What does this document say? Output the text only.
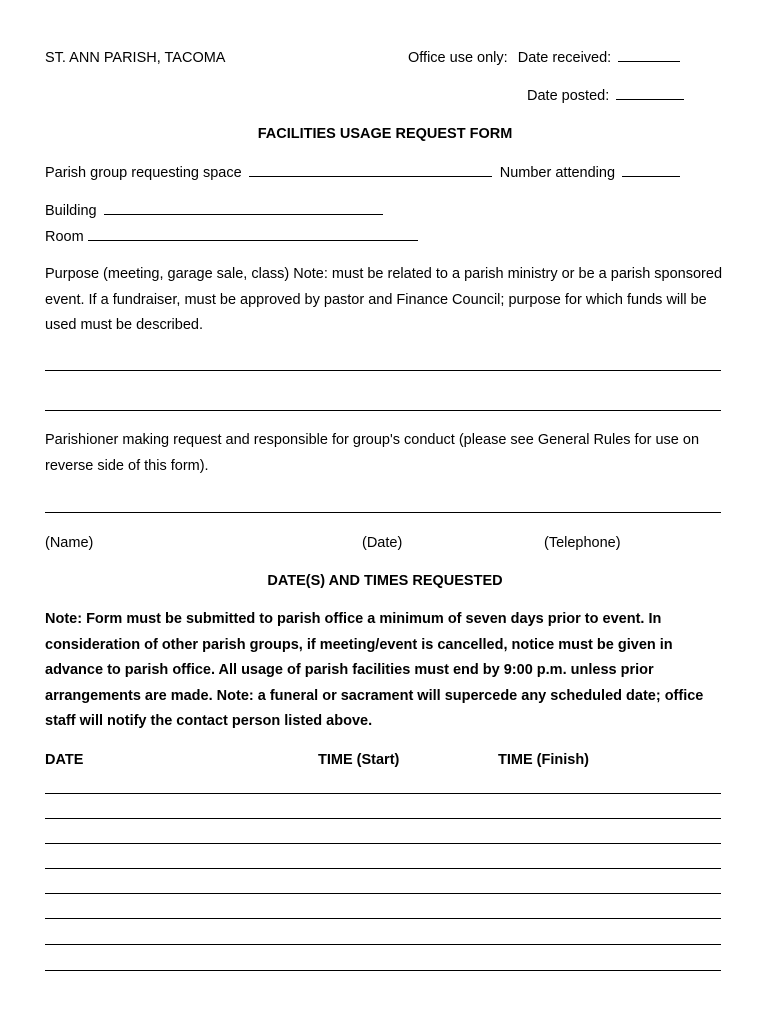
ST. ANN PARISH, TACOMA	Office use only: Date received:
Date posted:
FACILITIES USAGE REQUEST FORM
Parish group requesting space	Number attending
Building
Room
Purpose (meeting, garage sale, class) Note: must be related to a parish ministry or be a parish sponsored event. If a fundraiser, must be approved by pastor and Finance Council; purpose for which funds will be used must be described.
Parishioner making request and responsible for group's conduct (please see General Rules for use on reverse side of this form).
(Name)	(Date)	(Telephone)
DATE(S) AND TIMES REQUESTED
Note: Form must be submitted to parish office a minimum of seven days prior to event. In consideration of other parish groups, if meeting/event is cancelled, notice must be given in advance to parish office. All usage of parish facilities must end by 9:00 p.m. unless prior arrangements are made. Note: a funeral or sacrament will supercede any scheduled date; office staff will notify the contact person listed above.
DATE	TIME (Start)	TIME (Finish)
